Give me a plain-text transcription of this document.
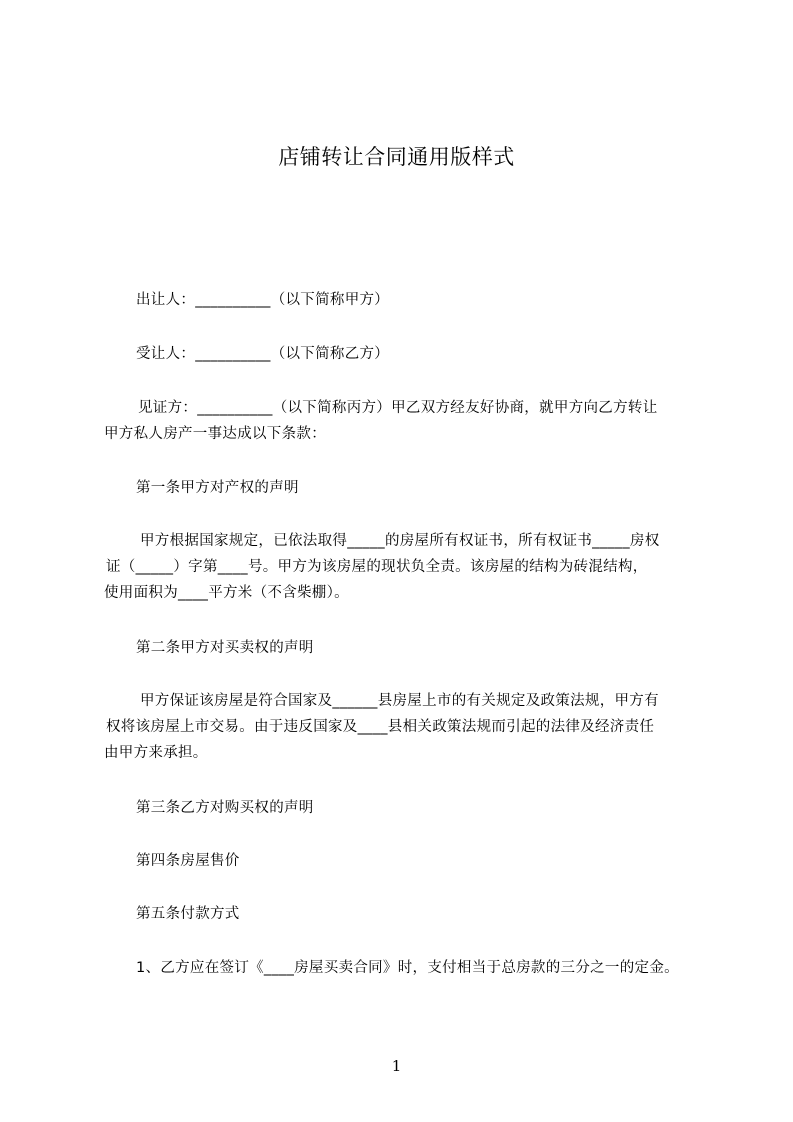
店铺转让合同通用版样式
出让人：__________（以下简称甲方）
受让人：__________（以下简称乙方）
见证方：__________（以下简称丙方）甲乙双方经友好协商，就甲方向乙方转让
甲方私人房产一事达成以下条款：
第一条甲方对产权的声明
甲方根据国家规定，已依法取得_____的房屋所有权证书，所有权证书_____房权
证（_____）字第____号。甲方为该房屋的现状负全责。该房屋的结构为砖混结构，
使用面积为____平方米（不含柴棚）。
第二条甲方对买卖权的声明
甲方保证该房屋是符合国家及______县房屋上市的有关规定及政策法规，甲方有
权将该房屋上市交易。由于违反国家及____县相关政策法规而引起的法律及经济责任
由甲方来承担。
第三条乙方对购买权的声明
第四条房屋售价
第五条付款方式
1、乙方应在签订《____房屋买卖合同》时，支付相当于总房款的三分之一的定金。
1
